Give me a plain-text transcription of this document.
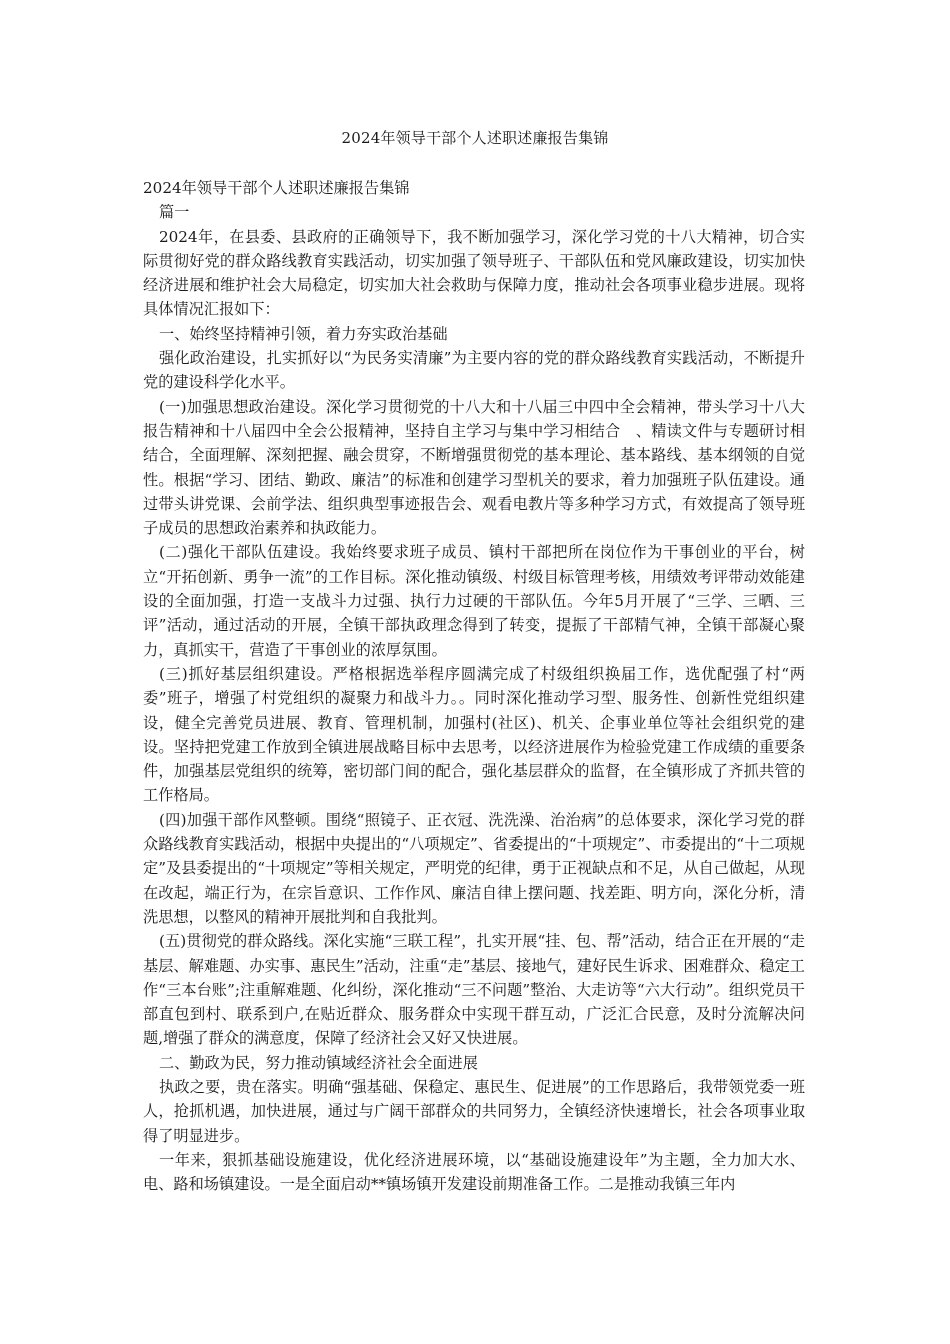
2024年领导干部个人述职述廉报告集锦

2024年领导干部个人述职述廉报告集锦

篇一

2024年，在县委、县政府的正确领导下，我不断加强学习，深化学习党的十八大精神，切合实际贯彻好党的群众路线教育实践活动，切实加强了领导班子、干部队伍和党风廉政建设，切实加快经济进展和维护社会大局稳定，切实加大社会救助与保障力度，推动社会各项事业稳步进展。现将具体情况汇报如下：

一、始终坚持精神引领，着力夯实政治基础

强化政治建设，扎实抓好以“为民务实清廉”为主要内容的党的群众路线教育实践活动，不断提升党的建设科学化水平。

(一)加强思想政治建设。深化学习贯彻党的十八大和十八届三中四中全会精神，带头学习十八大报告精神和十八届四中全会公报精神，坚持自主学习与集中学习相结合　、精读文件与专题研讨相结合，全面理解、深刻把握、融会贯穿，不断增强贯彻党的基本理论、基本路线、基本纲领的自觉性。根据“学习、团结、勤政、廉洁”的标准和创建学习型机关的要求，着力加强班子队伍建设。通过带头讲党课、会前学法、组织典型事迹报告会、观看电教片等多种学习方式，有效提高了领导班子成员的思想政治素养和执政能力。

(二)强化干部队伍建设。我始终要求班子成员、镇村干部把所在岗位作为干事创业的平台，树立“开拓创新、勇争一流”的工作目标。深化推动镇级、村级目标管理考核，用绩效考评带动效能建设的全面加强，打造一支战斗力过强、执行力过硬的干部队伍。今年5月开展了“三学、三晒、三评”活动，通过活动的开展，全镇干部执政理念得到了转变，提振了干部精气神，全镇干部凝心聚力，真抓实干，营造了干事创业的浓厚氛围。

(三)抓好基层组织建设。严格根据选举程序圆满完成了村级组织换届工作，选优配强了村“两委”班子，增强了村党组织的凝聚力和战斗力。。同时深化推动学习型、服务性、创新性党组织建设，健全完善党员进展、教育、管理机制，加强村(社区)、机关、企事业单位等社会组织党的建设。坚持把党建工作放到全镇进展战略目标中去思考，以经济进展作为检验党建工作成绩的重要条件，加强基层党组织的统筹，密切部门间的配合，强化基层群众的监督，在全镇形成了齐抓共管的工作格局。

(四)加强干部作风整顿。围绕“照镜子、正衣冠、洗洗澡、治治病”的总体要求，深化学习党的群众路线教育实践活动，根据中央提出的“八项规定”、省委提出的“十项规定”、市委提出的“十二项规定”及县委提出的“十项规定”等相关规定，严明党的纪律，勇于正视缺点和不足，从自己做起，从现在改起，端正行为，在宗旨意识、工作作风、廉洁自律上摆问题、找差距、明方向，深化分析，清洗思想，以整风的精神开展批判和自我批判。

(五)贯彻党的群众路线。深化实施“三联工程”，扎实开展“挂、包、帮”活动，结合正在开展的“走基层、解难题、办实事、惠民生”活动，注重“走”基层、接地气，建好民生诉求、困难群众、稳定工作“三本台账”;注重解难题、化纠纷，深化推动“三不问题”整治、大走访等“六大行动”。组织党员干部直包到村、联系到户,在贴近群众、服务群众中实现干群互动，广泛汇合民意，及时分流解决问题,增强了群众的满意度，保障了经济社会又好又快进展。

二、勤政为民，努力推动镇域经济社会全面进展

执政之要，贵在落实。明确“强基础、保稳定、惠民生、促进展”的工作思路后，我带领党委一班人，抢抓机遇，加快进展，通过与广阔干部群众的共同努力，全镇经济快速增长，社会各项事业取得了明显进步。

一年来，狠抓基础设施建设，优化经济进展环境，以“基础设施建设年”为主题，全力加大水、电、路和场镇建设。一是全面启动**镇场镇开发建设前期准备工作。二是推动我镇三年内
